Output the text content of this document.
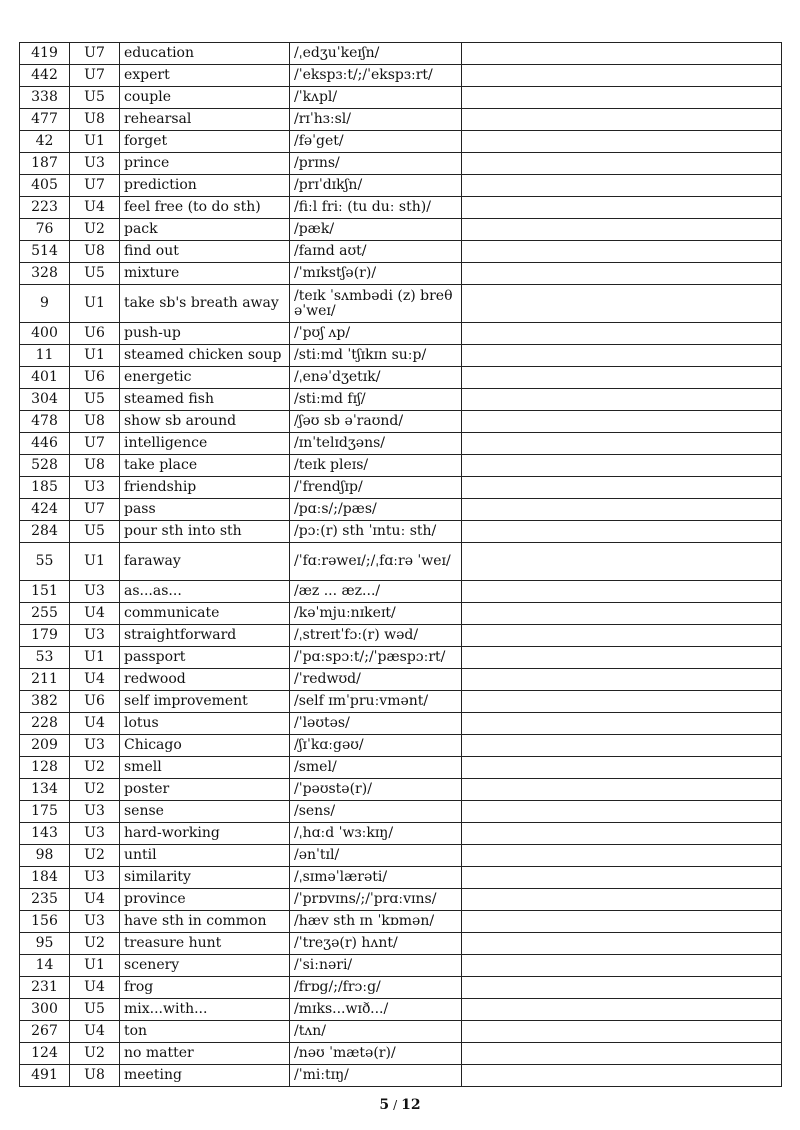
419	U7	education	/ˌedʒuˈkeɪʃn/	
442	U7	expert	/ˈekspɜːt/;/ˈekspɜːrt/	
338	U5	couple	/ˈkʌpl/	
477	U8	rehearsal	/rɪˈhɜːsl/	
42	U1	forget	/fəˈget/	
187	U3	prince	/prɪns/	
405	U7	prediction	/prɪˈdɪkʃn/	
223	U4	feel free (to do sth)	/fiːl friː (tu duː sth)/	
76	U2	pack	/pæk/	
514	U8	find out	/faɪnd aʊt/	
328	U5	mixture	/ˈmɪkstʃə(r)/	
9	U1	take sb's breath away	/teɪk ˈsʌmbədi (z) breθ əˈweɪ/	
400	U6	push-up	/ˈpʊʃ ʌp/	
11	U1	steamed chicken soup	/stiːmd ˈtʃɪkɪn suːp/	
401	U6	energetic	/ˌenəˈdʒetɪk/	
304	U5	steamed fish	/stiːmd fɪʃ/	
478	U8	show sb around	/ʃəʊ sb əˈraʊnd/	
446	U7	intelligence	/ɪnˈtelɪdʒəns/	
528	U8	take place	/teɪk pleɪs/	
185	U3	friendship	/ˈfrendʃɪp/	
424	U7	pass	/pɑːs/;/pæs/	
284	U5	pour sth into sth	/pɔː(r) sth ˈɪntuː sth/	
55	U1	faraway	/ˈfɑːrəweɪ/;/ˌfɑːrə ˈweɪ/	
151	U3	as...as...	/æz ... æz.../	
255	U4	communicate	/kəˈmjuːnɪkeɪt/	
179	U3	straightforward	/ˌstreɪtˈfɔː(r) wəd/	
53	U1	passport	/ˈpɑːspɔːt/;/ˈpæspɔːrt/	
211	U4	redwood	/ˈredwʊd/	
382	U6	self improvement	/self ɪmˈpruːvmənt/	
228	U4	lotus	/ˈləʊtəs/	
209	U3	Chicago	/ʃɪˈkɑːgəʊ/	
128	U2	smell	/smel/	
134	U2	poster	/ˈpəʊstə(r)/	
175	U3	sense	/sens/	
143	U3	hard-working	/ˌhɑːd ˈwɜːkɪŋ/	
98	U2	until	/ənˈtɪl/	
184	U3	similarity	/ˌsɪməˈlærəti/	
235	U4	province	/ˈprɒvɪns/;/ˈprɑːvɪns/	
156	U3	have sth in common	/hæv sth ɪn ˈkɒmən/	
95	U2	treasure hunt	/ˈtreʒə(r) hʌnt/	
14	U1	scenery	/ˈsiːnəri/	
231	U4	frog	/frɒg/;/frɔːg/	
300	U5	mix...with...	/mɪks...wɪð.../	
267	U4	ton	/tʌn/	
124	U2	no matter	/nəʊ ˈmætə(r)/	
491	U8	meeting	/ˈmiːtɪŋ/	
5 / 12
